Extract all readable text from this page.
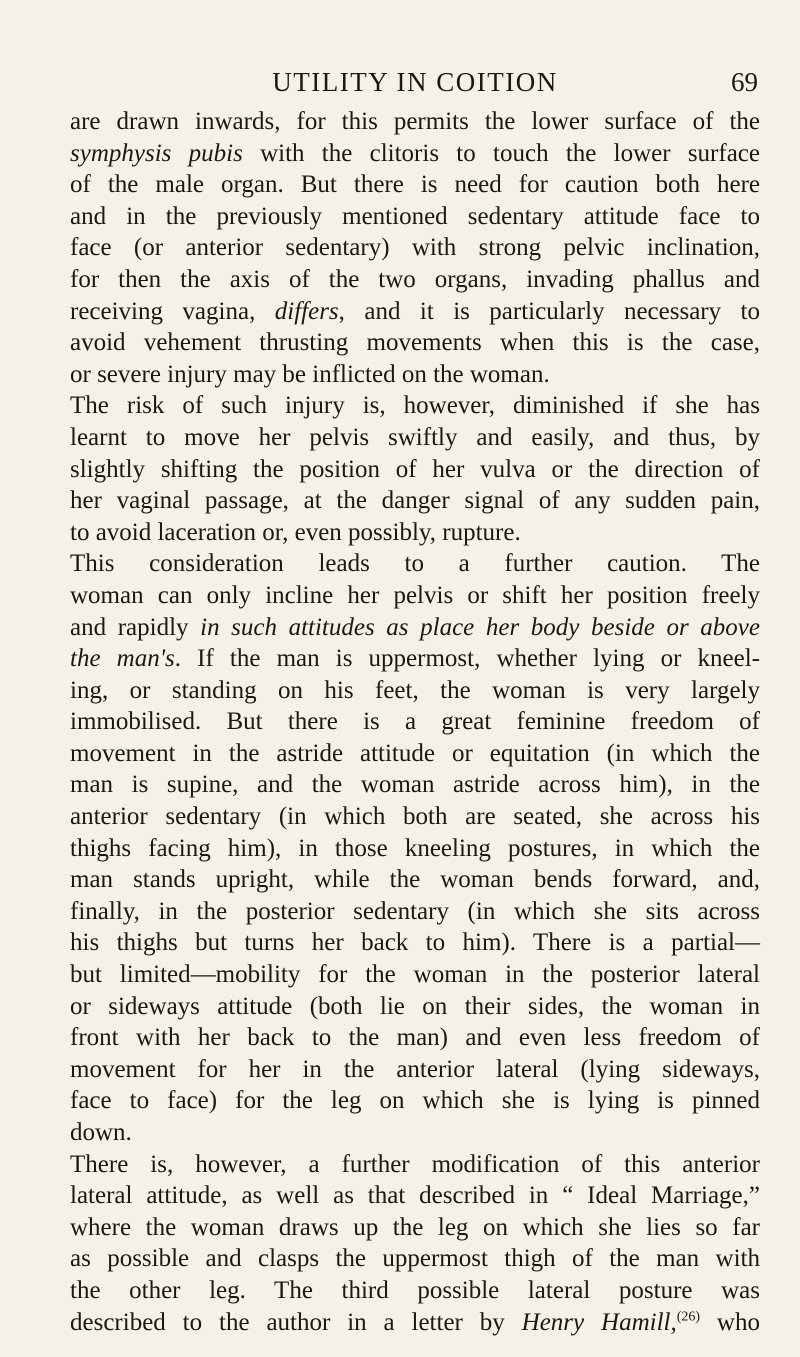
UTILITY IN COITION	69
are drawn inwards, for this permits the lower surface of the
symphysis pubis with the clitoris to touch the lower surface
of the male organ. But there is need for caution both here
and in the previously mentioned sedentary attitude face to
face (or anterior sedentary) with strong pelvic inclination,
for then the axis of the two organs, invading phallus and
receiving vagina, differs, and it is particularly necessary to
avoid vehement thrusting movements when this is the case,
or severe injury may be inflicted on the woman.
The risk of such injury is, however, diminished if she has
learnt to move her pelvis swiftly and easily, and thus, by
slightly shifting the position of her vulva or the direction of
her vaginal passage, at the danger signal of any sudden pain,
to avoid laceration or, even possibly, rupture.
This consideration leads to a further caution. The
woman can only incline her pelvis or shift her position freely
and rapidly in such attitudes as place her body beside or above
the man's. If the man is uppermost, whether lying or kneel-
ing, or standing on his feet, the woman is very largely
immobilised. But there is a great feminine freedom of
movement in the astride attitude or equitation (in which the
man is supine, and the woman astride across him), in the
anterior sedentary (in which both are seated, she across his
thighs facing him), in those kneeling postures, in which the
man stands upright, while the woman bends forward, and,
finally, in the posterior sedentary (in which she sits across
his thighs but turns her back to him). There is a partial—
but limited—mobility for the woman in the posterior lateral
or sideways attitude (both lie on their sides, the woman in
front with her back to the man) and even less freedom of
movement for her in the anterior lateral (lying sideways,
face to face) for the leg on which she is lying is pinned
down.
There is, however, a further modification of this anterior
lateral attitude, as well as that described in “ Ideal Marriage,”
where the woman draws up the leg on which she lies so far
as possible and clasps the uppermost thigh of the man with
the other leg. The third possible lateral posture was
described to the author in a letter by Henry Hamill,$^{(26)}$ who
